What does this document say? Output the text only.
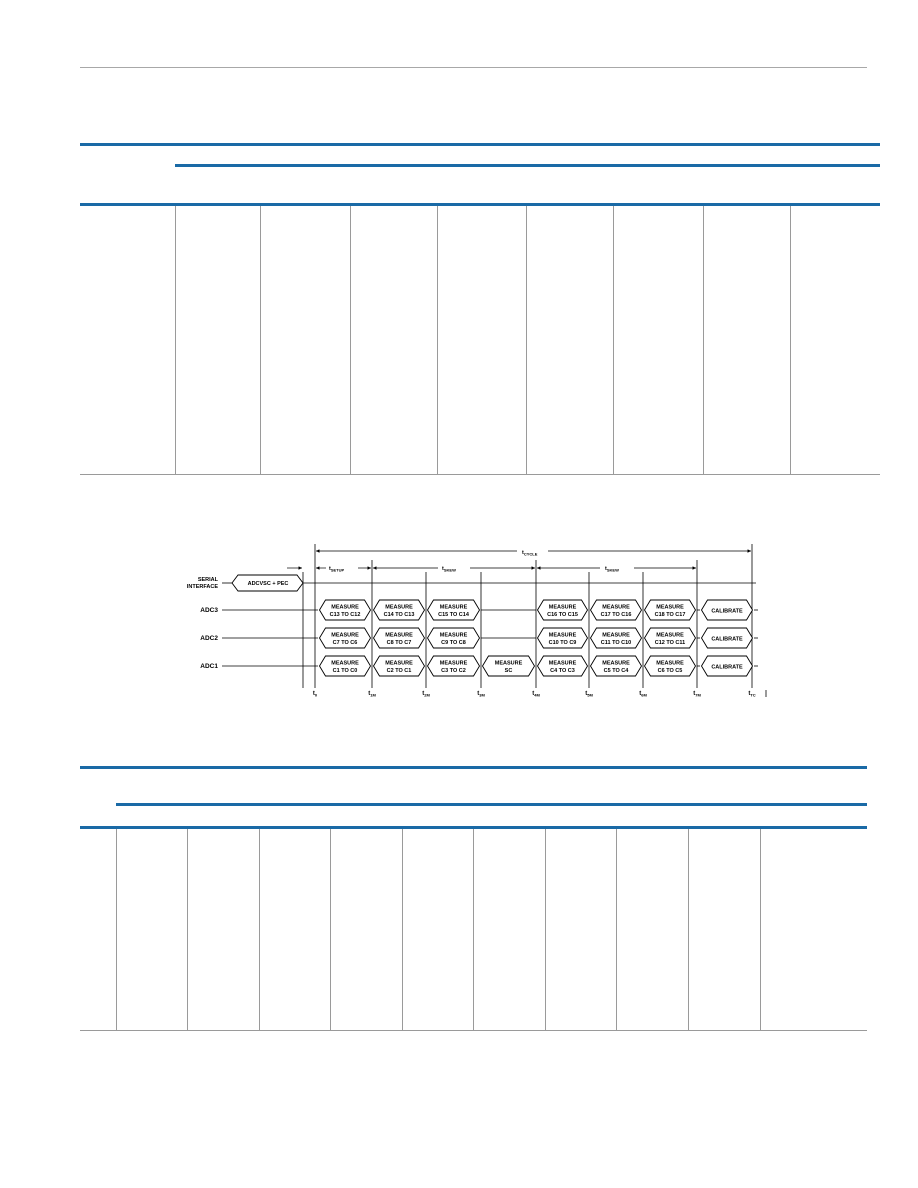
$t_{CYCLE}$
$t_{SETUP}$	$t_{SKEW}$	$t_{SKEW}$
SERIAL
INTERFACE	ADCVSC + PEC
ADC3
ADC2
ADC1
MEASURE
C13 TO C12
MEASURE
C14 TO C13
MEASURE
C15 TO C14
MEASURE
C16 TO C15
MEASURE
C17 TO C16
MEASURE
C18 TO C17
CALIBRATE
MEASURE
C7 TO C6
MEASURE
C8 TO C7
MEASURE
C9 TO C8
MEASURE
C10 TO C9
MEASURE
C11 TO C10
MEASURE
C12 TO C11
CALIBRATE
MEASURE
C1 TO C0
MEASURE
C2 TO C1
MEASURE
C3 TO C2
MEASURE
SC
MEASURE
C4 TO C3
MEASURE
C5 TO C4
MEASURE
C6 TO C5
CALIBRATE
$t_0$	$t_{1M}$	$t_{2M}$	$t_{3M}$	$t_{4M}$	$t_{5M}$	$t_{6M}$	$t_{7M}$	$t_{TC}$
